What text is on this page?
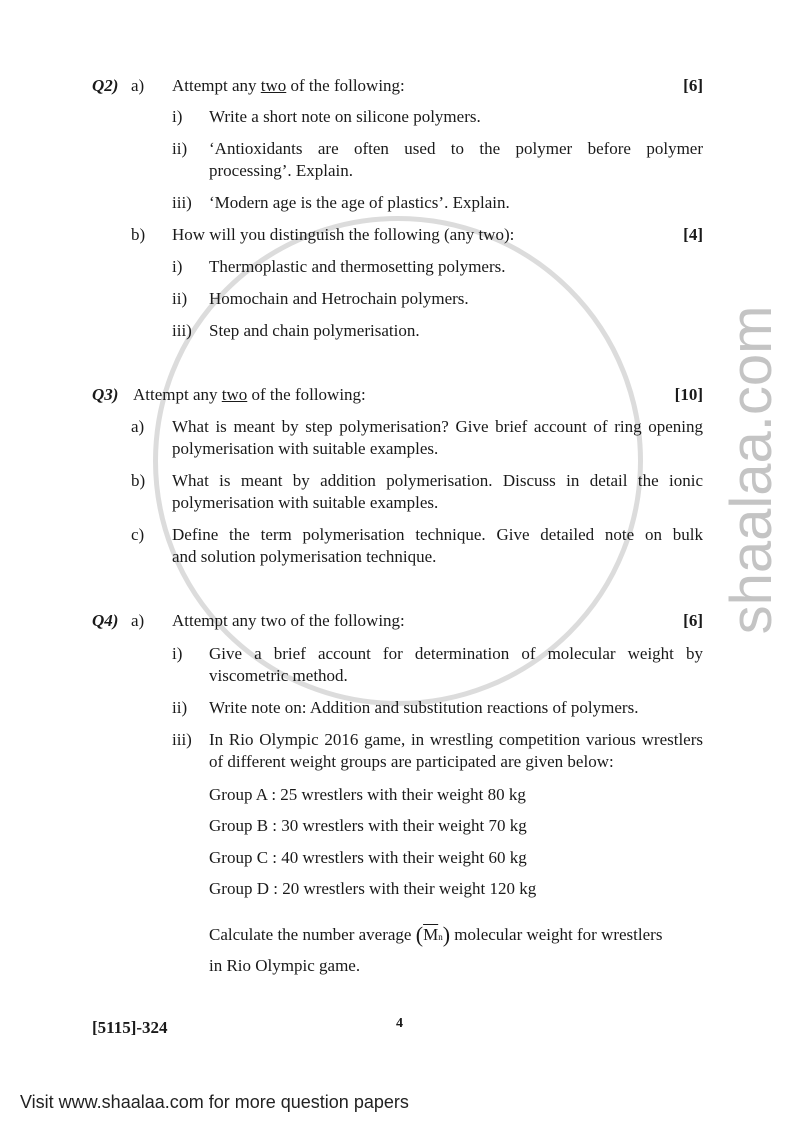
shaalaa.com
Q2) a) Attempt any two of the following:	[6]
i) Write a short note on silicone polymers.
ii) ‘Antioxidants are often used to the polymer before polymer
processing’. Explain.
iii) ‘Modern age is the age of plastics’. Explain.
b) How will you distinguish the following (any two):	[4]
i) Thermoplastic and thermosetting polymers.
ii) Homochain and Hetrochain polymers.
iii) Step and chain polymerisation.
Q3) Attempt any two of the following:	[10]
a) What is meant by step polymerisation? Give brief account of ring opening
polymerisation with suitable examples.
b) What is meant by addition polymerisation. Discuss in detail the ionic
polymerisation with suitable examples.
c) Define the term polymerisation technique. Give detailed note on bulk
and solution polymerisation technique.
Q4) a) Attempt any two of the following:	[6]
i) Give a brief account for determination of molecular weight by
viscometric method.
ii) Write note on: Addition and substitution reactions of polymers.
iii) In Rio Olympic 2016 game, in wrestling competition various wrestlers
of different weight groups are participated are given below:
Group A : 25 wrestlers with their weight 80 kg
Group B : 30 wrestlers with their weight 70 kg
Group C : 40 wrestlers with their weight 60 kg
Group D : 20 wrestlers with their weight 120 kg
Calculate the number average $(\overline{M}n)$ molecular weight for wrestlers
in Rio Olympic game.
[5115]-324	4
Visit www.shaalaa.com for more question papers
